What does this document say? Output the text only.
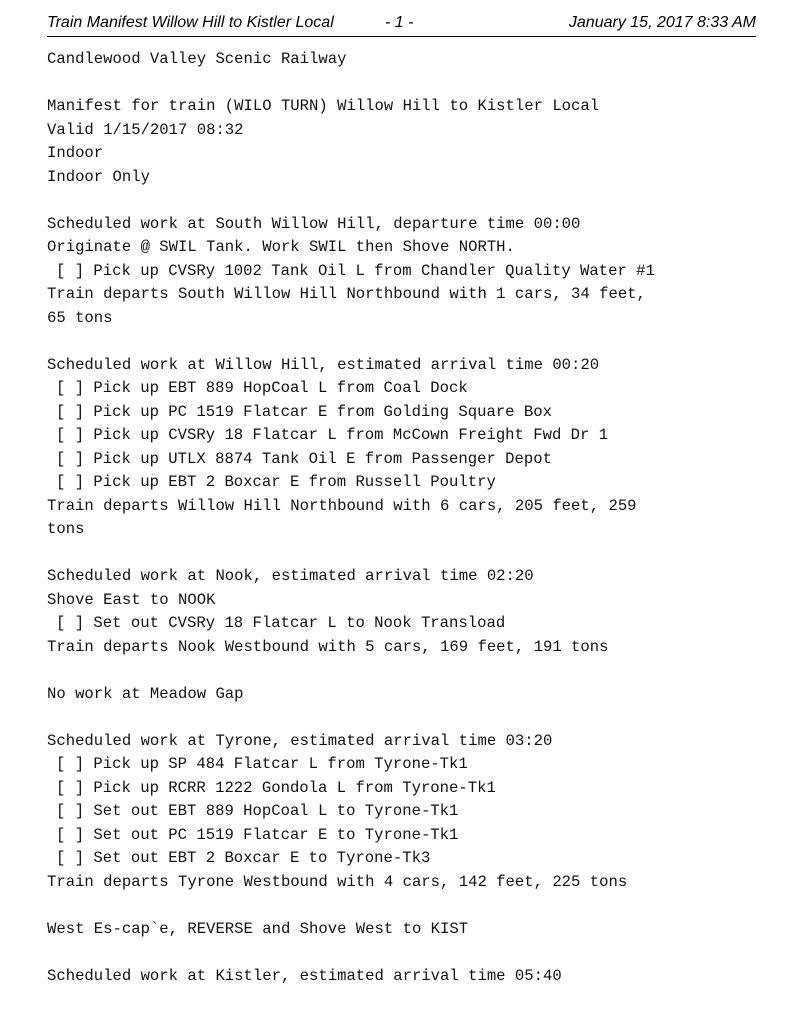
Train Manifest Willow Hill to Kistler Local	- 1 -	January 15, 2017 8:33 AM
Candlewood Valley Scenic Railway
Manifest for train (WILO TURN) Willow Hill to Kistler Local
Valid 1/15/2017 08:32
Indoor
Indoor Only
Scheduled work at South Willow Hill, departure time 00:00
Originate @ SWIL Tank. Work SWIL then Shove NORTH.
[ ] Pick up CVSRy 1002 Tank Oil L from Chandler Quality Water #1
Train departs South Willow Hill Northbound with 1 cars, 34 feet,
65 tons
Scheduled work at Willow Hill, estimated arrival time 00:20
[ ] Pick up EBT 889 HopCoal L from Coal Dock
[ ] Pick up PC 1519 Flatcar E from Golding Square Box
[ ] Pick up CVSRy 18 Flatcar L from McCown Freight Fwd Dr 1
[ ] Pick up UTLX 8874 Tank Oil E from Passenger Depot
[ ] Pick up EBT 2 Boxcar E from Russell Poultry
Train departs Willow Hill Northbound with 6 cars, 205 feet, 259
tons
Scheduled work at Nook, estimated arrival time 02:20
Shove East to NOOK
[ ] Set out CVSRy 18 Flatcar L to Nook Transload
Train departs Nook Westbound with 5 cars, 169 feet, 191 tons
No work at Meadow Gap
Scheduled work at Tyrone, estimated arrival time 03:20
[ ] Pick up SP 484 Flatcar L from Tyrone-Tk1
[ ] Pick up RCRR 1222 Gondola L from Tyrone-Tk1
[ ] Set out EBT 889 HopCoal L to Tyrone-Tk1
[ ] Set out PC 1519 Flatcar E to Tyrone-Tk1
[ ] Set out EBT 2 Boxcar E to Tyrone-Tk3
Train departs Tyrone Westbound with 4 cars, 142 feet, 225 tons
West Es-cap`e, REVERSE and Shove West to KIST
Scheduled work at Kistler, estimated arrival time 05:40
